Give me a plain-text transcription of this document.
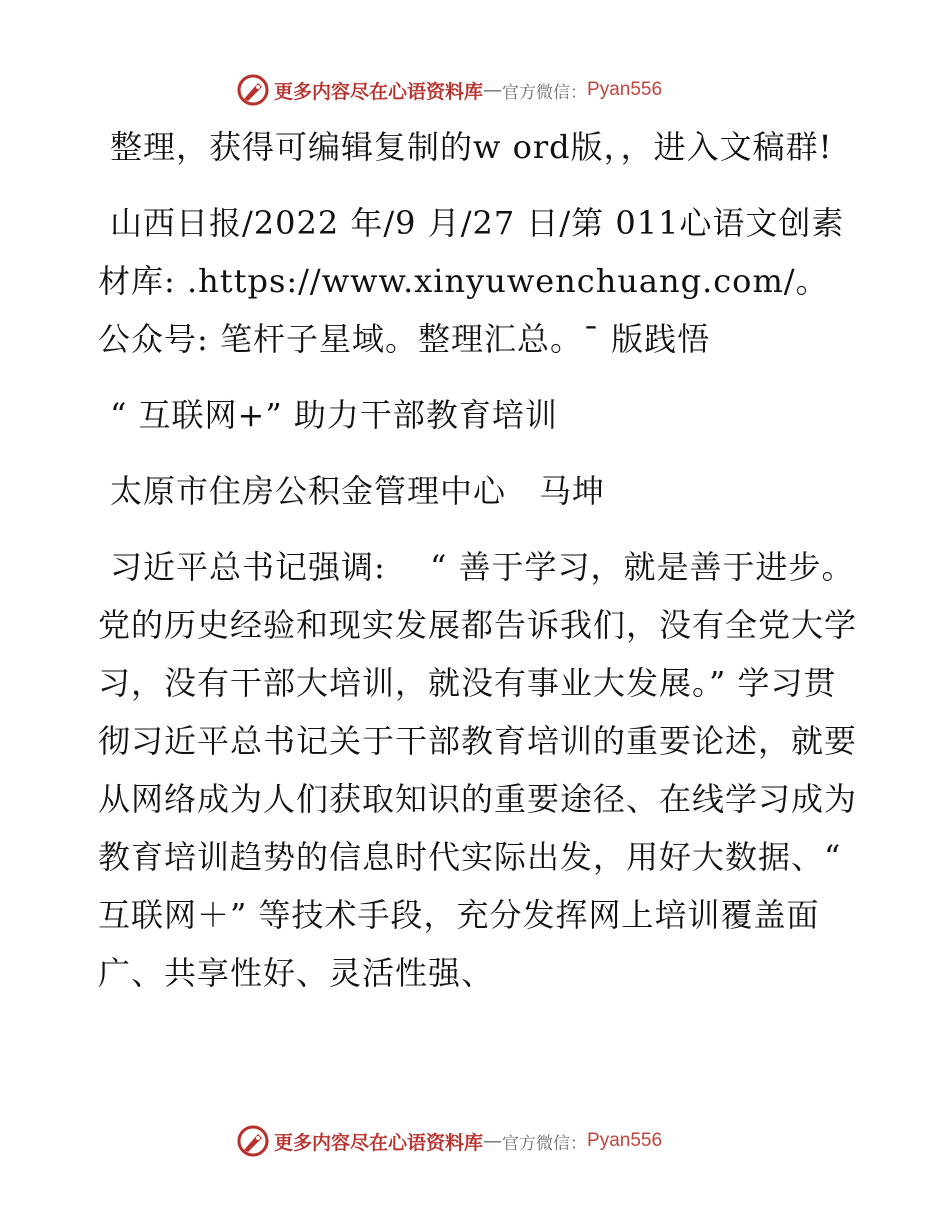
更多内容尽在心语资料库 — 官方微信： Pyan556

整理，获得可编辑复制的w ord版，，进入文稿群!

山西日报/2022 年/9 月/27 日/第 011心语文创素材库: .https://www.xinyuwenchuang.com/。公众号: 笔杆子星域。整理汇总。¯ 版践悟

“ 互联网+” 助力干部教育培训

太原市住房公积金管理中心　马坤

习近平总书记强调: 　“ 善于学习，就是善于进步。党的历史经验和现实发展都告诉我们，没有全党大学习，没有干部大培训，就没有事业大发展。” 学习贯彻习近平总书记关于干部教育培训的重要论述，就要从网络成为人们获取知识的重要途径、在线学习成为教育培训趋势的信息时代实际出发，用好大数据、“ 互联网＋” 等技术手段，充分发挥网上培训覆盖面广、共享性好、灵活性强、

更多内容尽在心语资料库 — 官方微信： Pyan556
